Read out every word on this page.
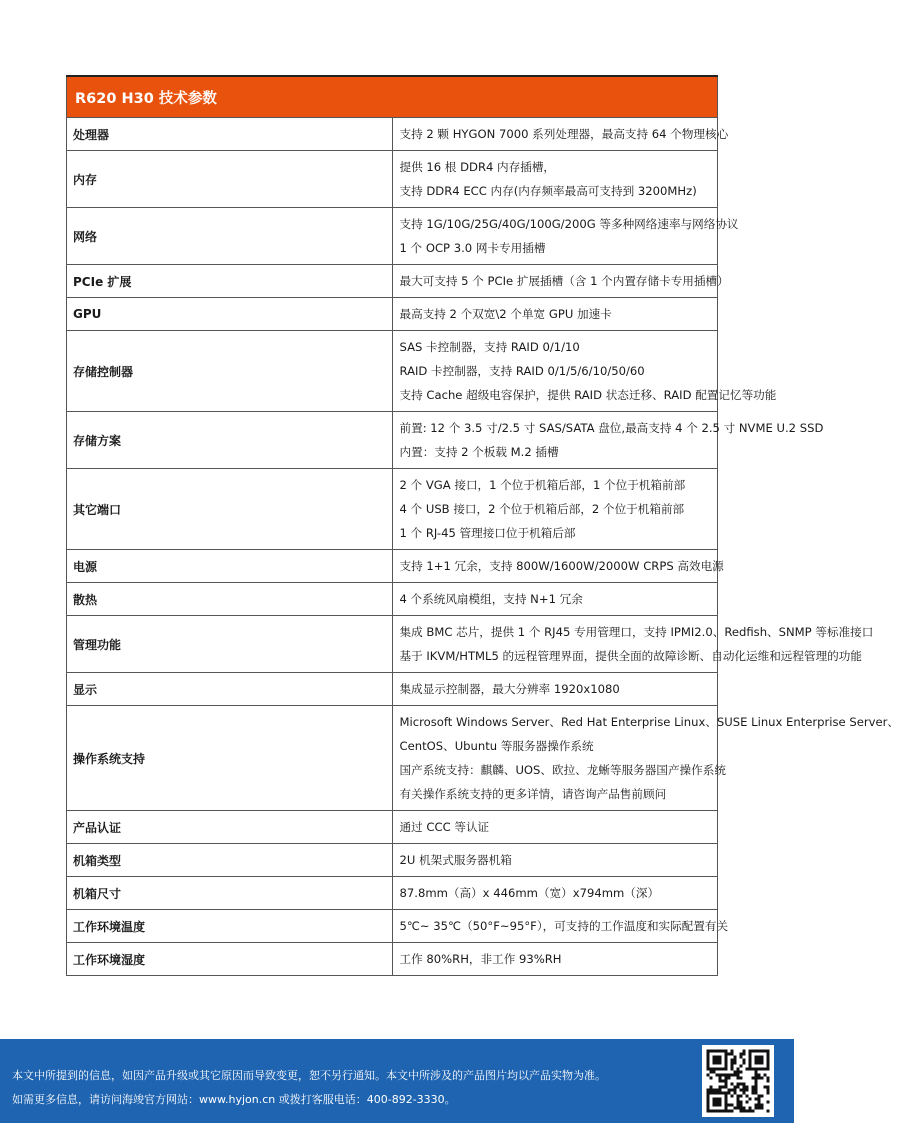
R620 H30 技术参数	
处理器	支持 2 颗 HYGON 7000 系列处理器，最高支持 64 个物理核心

内存	提供 16 根 DDR4 内存插槽，
支持 DDR4 ECC 内存(内存频率最高可支持到 3200MHz)

网络	支持 1G/10G/25G/40G/100G/200G 等多种网络速率与网络协议
1 个 OCP 3.0 网卡专用插槽

PCIe 扩展	最大可支持 5 个 PCIe 扩展插槽（含 1 个内置存储卡专用插槽）

GPU	最高支持 2 个双宽\2 个单宽 GPU 加速卡

存储控制器	SAS 卡控制器，支持 RAID 0/1/10
RAID 卡控制器，支持 RAID 0/1/5/6/10/50/60
支持 Cache 超级电容保护，提供 RAID 状态迁移、RAID 配置记忆等功能

存储方案	前置: 12 个 3.5 寸/2.5 寸 SAS/SATA 盘位,最高支持 4 个 2.5 寸 NVME U.2 SSD
内置：支持 2 个板载 M.2 插槽

其它端口	2 个 VGA 接口，1 个位于机箱后部，1 个位于机箱前部
4 个 USB 接口，2 个位于机箱后部，2 个位于机箱前部
1 个 RJ-45 管理接口位于机箱后部

电源	支持 1+1 冗余，支持 800W/1600W/2000W CRPS 高效电源

散热	4 个系统风扇模组，支持 N+1 冗余

管理功能	集成 BMC 芯片，提供 1 个 RJ45 专用管理口，支持 IPMI2.0、Redfish、SNMP 等标准接口
基于 IKVM/HTML5 的远程管理界面，提供全面的故障诊断、自动化运维和远程管理的功能

显示	集成显示控制器，最大分辨率 1920x1080

操作系统支持	Microsoft Windows Server、Red Hat Enterprise Linux、SUSE Linux Enterprise Server、
CentOS、Ubuntu 等服务器操作系统
国产系统支持：麒麟、UOS、欧拉、龙蜥等服务器国产操作系统
有关操作系统支持的更多详情，请咨询产品售前顾问

产品认证	通过 CCC 等认证

机箱类型	2U 机架式服务器机箱

机箱尺寸	87.8mm（高）x 446mm（宽）x794mm（深）

工作环境温度	5℃~ 35℃（50°F~95°F），可支持的工作温度和实际配置有关

工作环境湿度	工作 80%RH，非工作 93%RH
本文中所提到的信息，如因产品升级或其它原因而导致变更，恕不另行通知。本文中所涉及的产品图片均以产品实物为准。
如需更多信息，请访问海竣官方网站：www.hyjon.cn 或拨打客服电话：400-892-3330。
